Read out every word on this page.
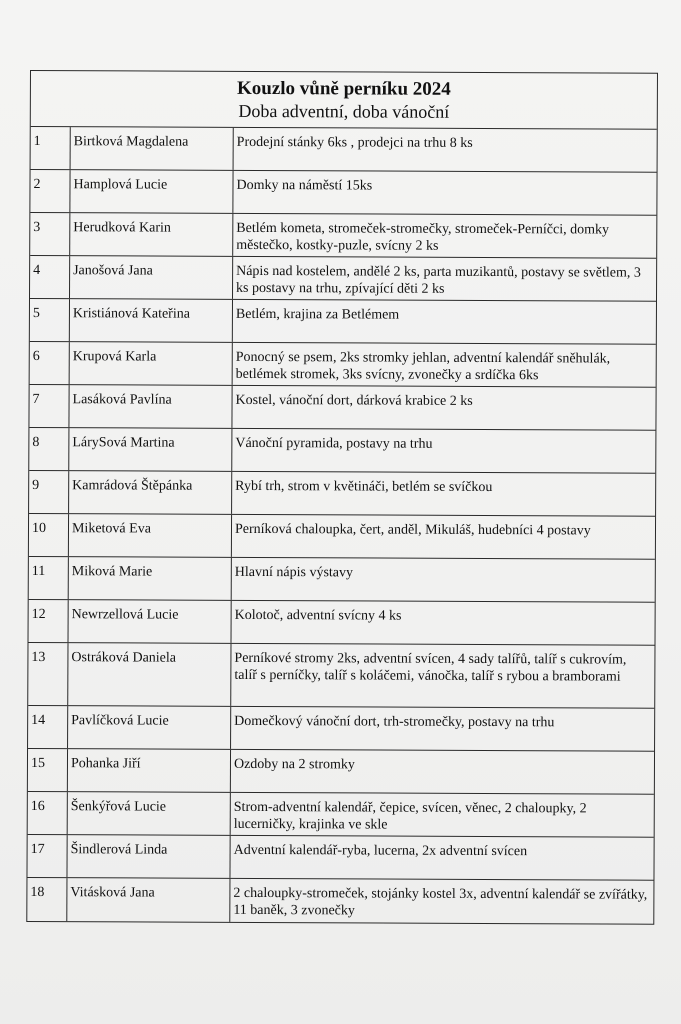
Kouzlo vůně perníku 2024
Doba adventní, doba vánoční
1	Birtková Magdalena	Prodejní stánky 6ks , prodejci na trhu 8 ks
2	Hamplová Lucie	Domky na náměstí 15ks
3	Herudková Karin	Betlém kometa, stromeček-stromečky, stromeček-Perníčci, domky městečko, kostky-puzle, svícny 2 ks
4	Janošová Jana	Nápis nad kostelem, andělé 2 ks, parta muzikantů, postavy se světlem, 3 ks postavy na trhu, zpívající děti 2 ks
5	Kristiánová Kateřina	Betlém, krajina za Betlémem
6	Krupová Karla	Ponocný se psem, 2ks stromky jehlan, adventní kalendář sněhulák, betlémek stromek, 3ks svícny, zvonečky a srdíčka 6ks
7	Lasáková Pavlína	Kostel, vánoční dort, dárková krabice 2 ks
8	LárySová Martina	Vánoční pyramida, postavy na trhu
9	Kamrádová Štěpánka	Rybí trh, strom v květináči, betlém se svíčkou
10	Miketová Eva	Perníková chaloupka, čert, anděl, Mikuláš, hudebníci 4 postavy
11	Miková Marie	Hlavní nápis výstavy
12	Newrzellová Lucie	Kolotoč, adventní svícny 4 ks
13	Ostráková Daniela	Perníkové stromy 2ks, adventní svícen, 4 sady talířů, talíř s cukrovím, talíř s perníčky, talíř s koláčemi, vánočka, talíř s rybou a bramborami
14	Pavlíčková Lucie	Domečkový vánoční dort, trh-stromečky, postavy na trhu
15	Pohanka Jiří	Ozdoby na 2 stromky
16	Šenkýřová Lucie	Strom-adventní kalendář, čepice, svícen, věnec, 2 chaloupky, 2 lucerničky, krajinka ve skle
17	Šindlerová Linda	Adventní kalendář-ryba, lucerna, 2x adventní svícen
18	Vitásková Jana	2 chaloupky-stromeček, stojánky kostel 3x, adventní kalendář se zvířátky, 11 baněk, 3 zvonečky
